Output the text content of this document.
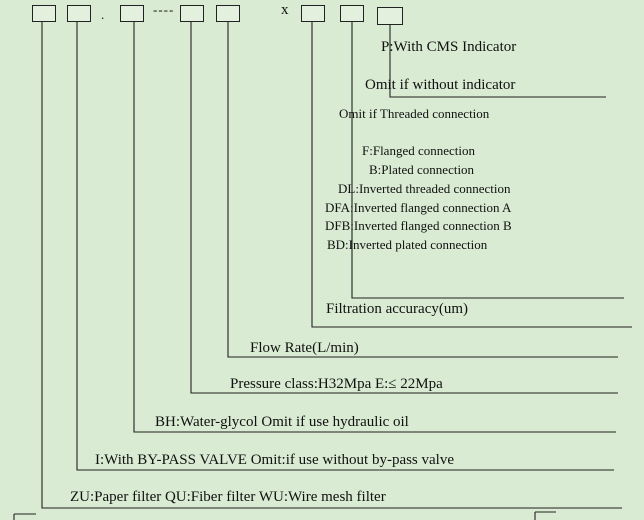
.	----	x
P:With CMS Indicator
Omit if without indicator
Omit if Threaded connection
F:Flanged connection
B:Plated connection
DL:Inverted threaded connection
DFA:Inverted flanged connection A
DFB:Inverted flanged connection B
BD:Inverted plated connection
Filtration accuracy(um)
Flow Rate(L/min)
Pressure class:H32Mpa E:≤ 22Mpa
BH:Water-glycol Omit if use hydraulic oil
I:With BY-PASS VALVE Omit:if use without by-pass valve
ZU:Paper filter QU:Fiber filter WU:Wire mesh filter
